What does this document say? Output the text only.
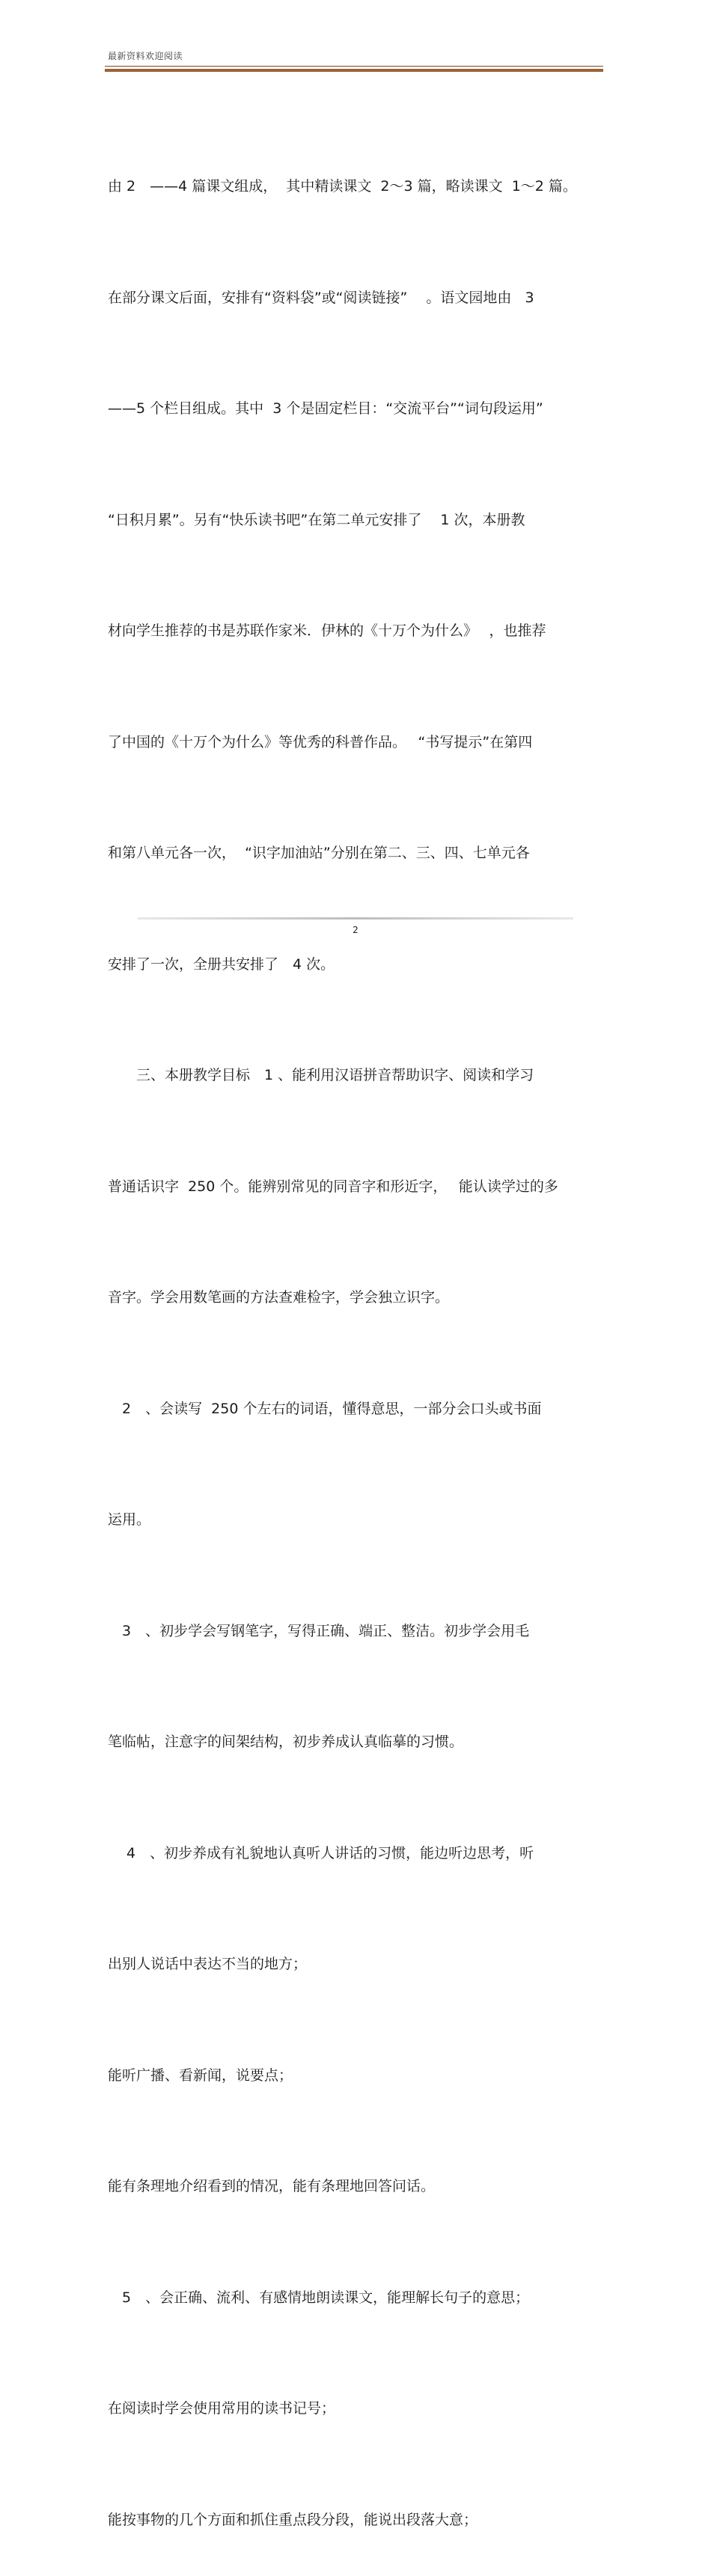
最新资料欢迎阅读

由 2　——4 篇课文组成，  其中精读课文  2～3 篇，略读课文  1～2 篇。

在部分课文后面，安排有“资料袋”或“阅读链接”　 。语文园地由   3

——5 个栏目组成。其中  3 个是固定栏目：“交流平台”“词句段运用”

“日积月累”。另有“快乐读书吧”在第二单元安排了　 1 次，本册教

材向学生推荐的书是苏联作家米．伊林的《十万个为什么》　 ，也推荐

了中国的《十万个为什么》等优秀的科普作品。　 “书写提示”在第四

和第八单元各一次，  “识字加油站”分别在第二、三、四、七单元各

安排了一次，全册共安排了　4 次。

　　三、本册教学目标　1 、能利用汉语拼音帮助识字、阅读和学习

普通话识字  250 个。能辨别常见的同音字和形近字，　 能认读学过的多

音字。学会用数笔画的方法查难检字，学会独立识字。

　2　、会读写  250 个左右的词语，懂得意思，一部分会口头或书面

运用。

　3　、初步学会写钢笔字，写得正确、端正、整洁。初步学会用毛

笔临帖，注意字的间架结构，初步养成认真临摹的习惯。

　 4　、初步养成有礼貌地认真听人讲话的习惯，能边听边思考，听

出别人说话中表达不当的地方；

能听广播、看新闻，说要点；

能有条理地介绍看到的情况，能有条理地回答问话。

　5　、会正确、流利、有感情地朗读课文，能理解长句子的意思；

在阅读时学会使用常用的读书记号；

能按事物的几个方面和抓住重点段分段，能说出段落大意；

2
